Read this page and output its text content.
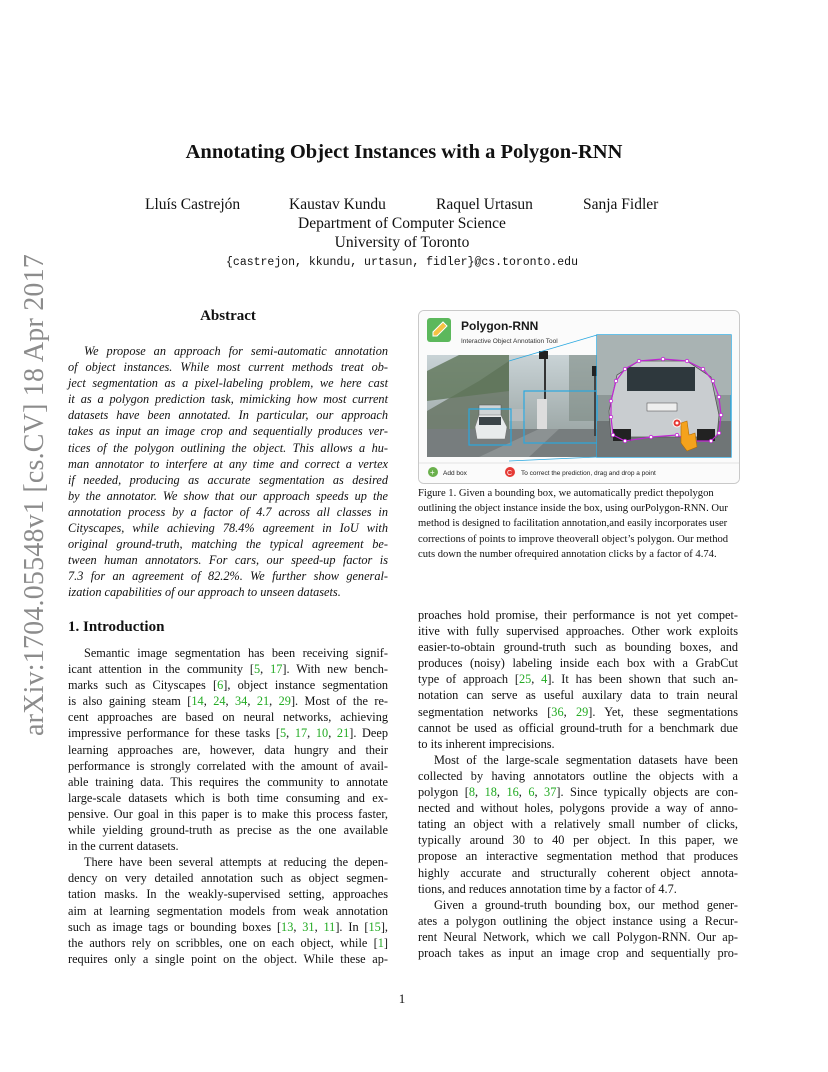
arXiv:1704.05548v1 [cs.CV] 18 Apr 2017
Annotating Object Instances with a Polygon-RNN
Lluís Castrejón	Kaustav Kundu	Raquel Urtasun	Sanja Fidler
Department of Computer Science
University of Toronto
{castrejon, kkundu, urtasun, fidler}@cs.toronto.edu
Abstract
We propose an approach for semi-automatic annotation
of object instances. While most current methods treat ob-
ject segmentation as a pixel-labeling problem, we here cast
it as a polygon prediction task, mimicking how most current
datasets have been annotated. In particular, our approach
takes as input an image crop and sequentially produces ver-
tices of the polygon outlining the object. This allows a hu-
man annotator to interfere at any time and correct a vertex
if needed, producing as accurate segmentation as desired
by the annotator. We show that our approach speeds up the
annotation process by a factor of 4.7 across all classes in
Cityscapes, while achieving 78.4% agreement in IoU with
original ground-truth, matching the typical agreement be-
tween human annotators. For cars, our speed-up factor is
7.3 for an agreement of 82.2%. We further show general-
ization capabilities of our approach to unseen datasets.
Polygon-RNN
Interactive Object Annotation Tool
+ Add box	C To correct the prediction, drag and drop a point
Figure 1. Given a bounding box, we automatically predict thepolygon outlining the object instance inside the box, using ourPolygon-RNN. Our method is designed to facilitation annotation,and easily incorporates user corrections of points to improve theoverall object’s polygon. Our method cuts down the number ofrequired annotation clicks by a factor of 4.74.
1. Introduction
Semantic image segmentation has been receiving signif-
icant attention in the community [5, 17]. With new bench-
marks such as Cityscapes [6], object instance segmentation
is also gaining steam [14, 24, 34, 21, 29]. Most of the re-
cent approaches are based on neural networks, achieving
impressive performance for these tasks [5, 17, 10, 21]. Deep
learning approaches are, however, data hungry and their
performance is strongly correlated with the amount of avail-
able training data. This requires the community to annotate
large-scale datasets which is both time consuming and ex-
pensive. Our goal in this paper is to make this process faster,
while yielding ground-truth as precise as the one available
in the current datasets.
There have been several attempts at reducing the depen-
dency on very detailed annotation such as object segmen-
tation masks. In the weakly-supervised setting, approaches
aim at learning segmentation models from weak annotation
such as image tags or bounding boxes [13, 31, 11]. In [15],
the authors rely on scribbles, one on each object, while [1]
requires only a single point on the object. While these ap-
proaches hold promise, their performance is not yet compet-
itive with fully supervised approaches. Other work exploits
easier-to-obtain ground-truth such as bounding boxes, and
produces (noisy) labeling inside each box with a GrabCut
type of approach [25, 4]. It has been shown that such an-
notation can serve as useful auxilary data to train neural
segmentation networks [36, 29]. Yet, these segmentations
cannot be used as official ground-truth for a benchmark due
to its inherent imprecisions.
Most of the large-scale segmentation datasets have been
collected by having annotators outline the objects with a
polygon [8, 18, 16, 6, 37]. Since typically objects are con-
nected and without holes, polygons provide a way of anno-
tating an object with a relatively small number of clicks,
typically around 30 to 40 per object. In this paper, we
propose an interactive segmentation method that produces
highly accurate and structurally coherent object annota-
tions, and reduces annotation time by a factor of 4.7.
Given a ground-truth bounding box, our method gener-
ates a polygon outlining the object instance using a Recur-
rent Neural Network, which we call Polygon-RNN. Our ap-
proach takes as input an image crop and sequentially pro-
1
